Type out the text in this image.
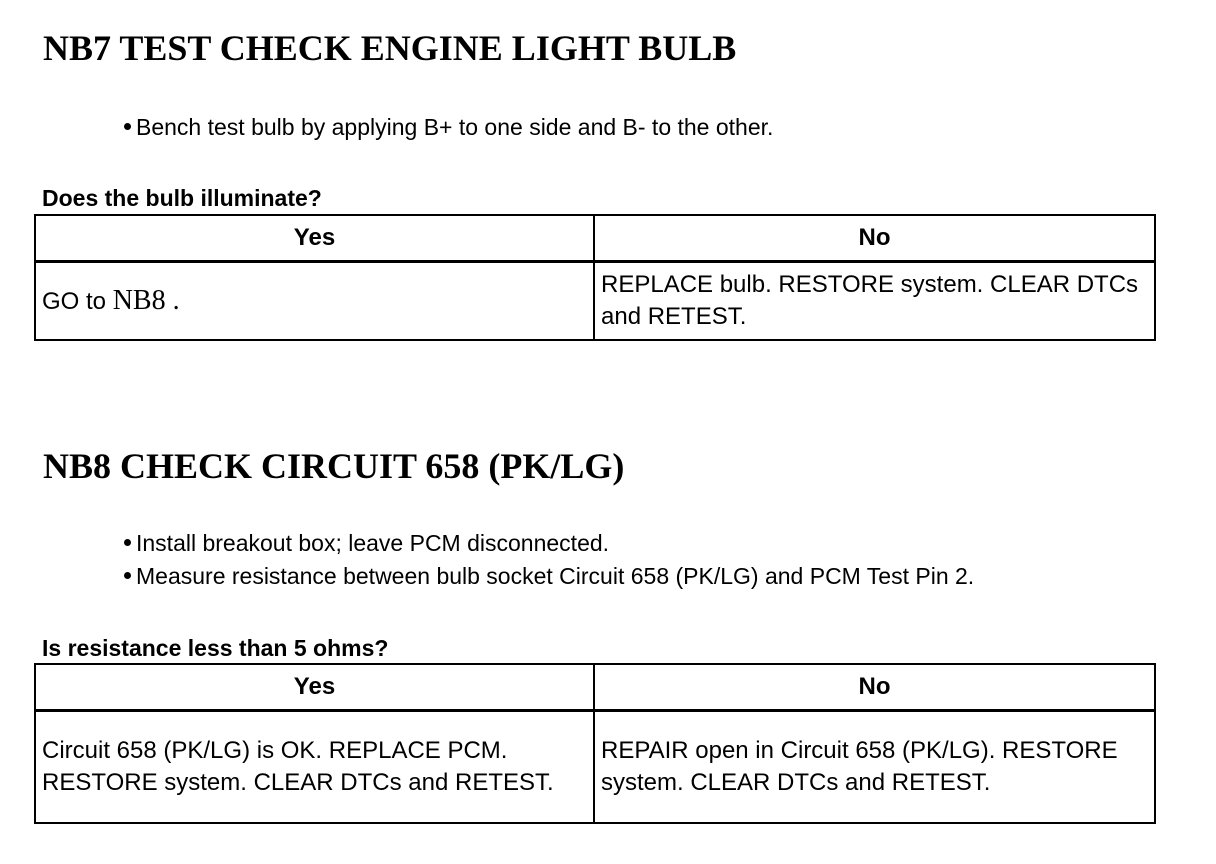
NB7 TEST CHECK ENGINE LIGHT BULB
Bench test bulb by applying B+ to one side and B- to the other.

Does the bulb illuminate?

Yes	No
GO to NB8 .	REPLACE bulb. RESTORE system. CLEAR DTCs and RETEST.
NB8 CHECK CIRCUIT 658 (PK/LG)
Install breakout box; leave PCM disconnected.
Measure resistance between bulb socket Circuit 658 (PK/LG) and PCM Test Pin 2.

Is resistance less than 5 ohms?

Yes	No
Circuit 658 (PK/LG) is OK. REPLACE PCM. RESTORE system. CLEAR DTCs and RETEST.	REPAIR open in Circuit 658 (PK/LG). RESTORE system. CLEAR DTCs and RETEST.
